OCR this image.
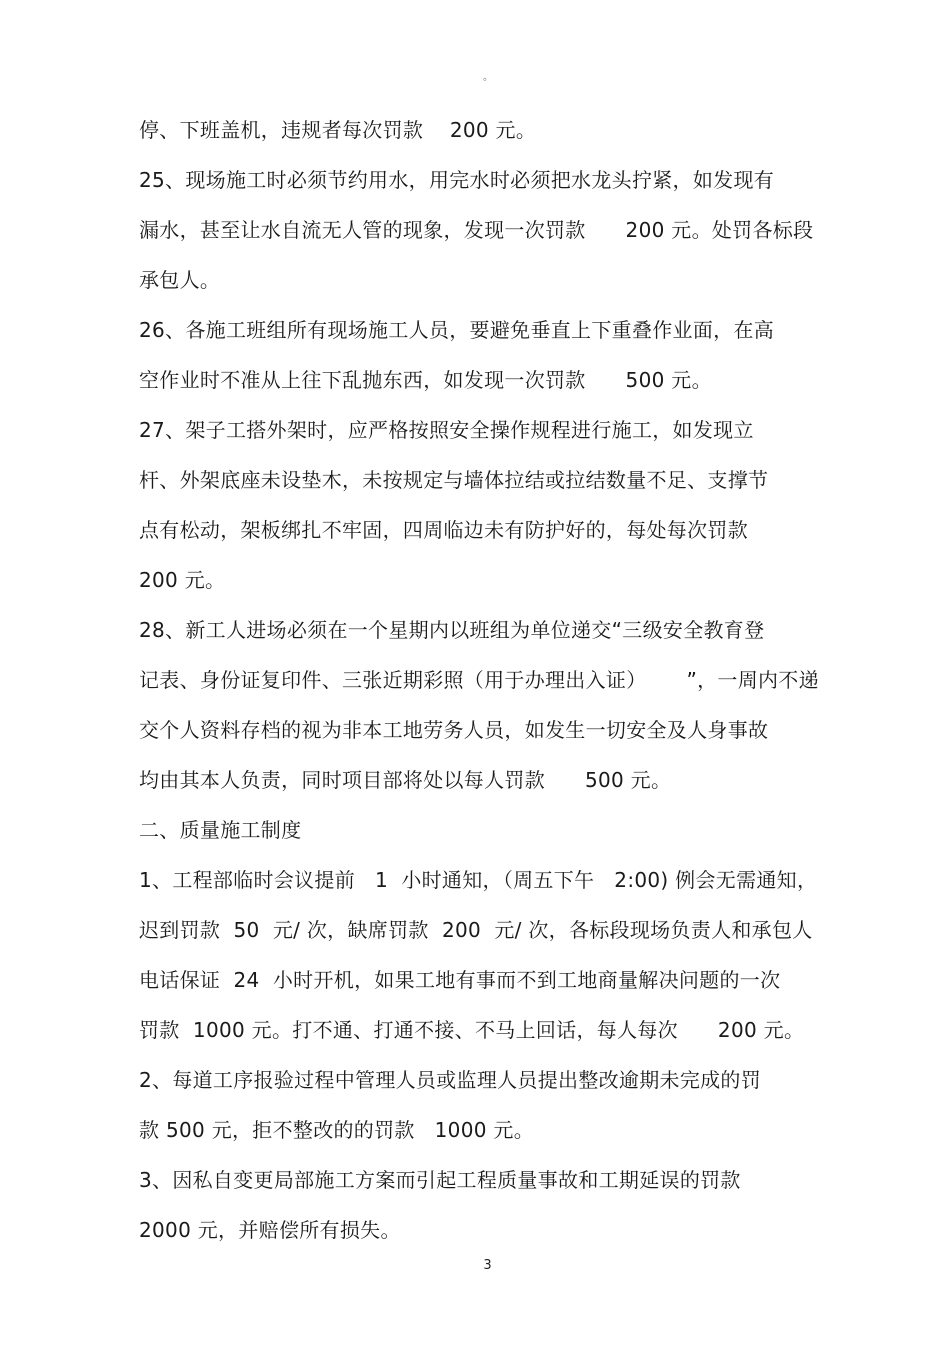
。
停、下班盖机，违规者每次罚款    200 元。
25、现场施工时必须节约用水，用完水时必须把水龙头拧紧，如发现有
漏水，甚至让水自流无人管的现象，发现一次罚款      200 元。处罚各标段
承包人。
26、各施工班组所有现场施工人员，要避免垂直上下重叠作业面，在高
空作业时不准从上往下乱抛东西，如发现一次罚款      500 元。
27、架子工搭外架时，应严格按照安全操作规程进行施工，如发现立
杆、外架底座未设垫木，未按规定与墙体拉结或拉结数量不足、支撑节
点有松动，架板绑扎不牢固，四周临边未有防护好的，每处每次罚款
200 元。
28、新工人进场必须在一个星期内以班组为单位递交“三级安全教育登
记表、身份证复印件、三张近期彩照（用于办理出入证）      ”，一周内不递
交个人资料存档的视为非本工地劳务人员，如发生一切安全及人身事故
均由其本人负责，同时项目部将处以每人罚款      500 元。
二、质量施工制度
1、工程部临时会议提前   1  小时通知，（周五下午   2:00) 例会无需通知，
迟到罚款  50  元/ 次，缺席罚款  200  元/ 次，各标段现场负责人和承包人
电话保证  24  小时开机，如果工地有事而不到工地商量解决问题的一次
罚款  1000 元。打不通、打通不接、不马上回话，每人每次      200 元。
2、每道工序报验过程中管理人员或监理人员提出整改逾期未完成的罚
款 500 元，拒不整改的的罚款   1000 元。
3、因私自变更局部施工方案而引起工程质量事故和工期延误的罚款
2000 元，并赔偿所有损失。
3
